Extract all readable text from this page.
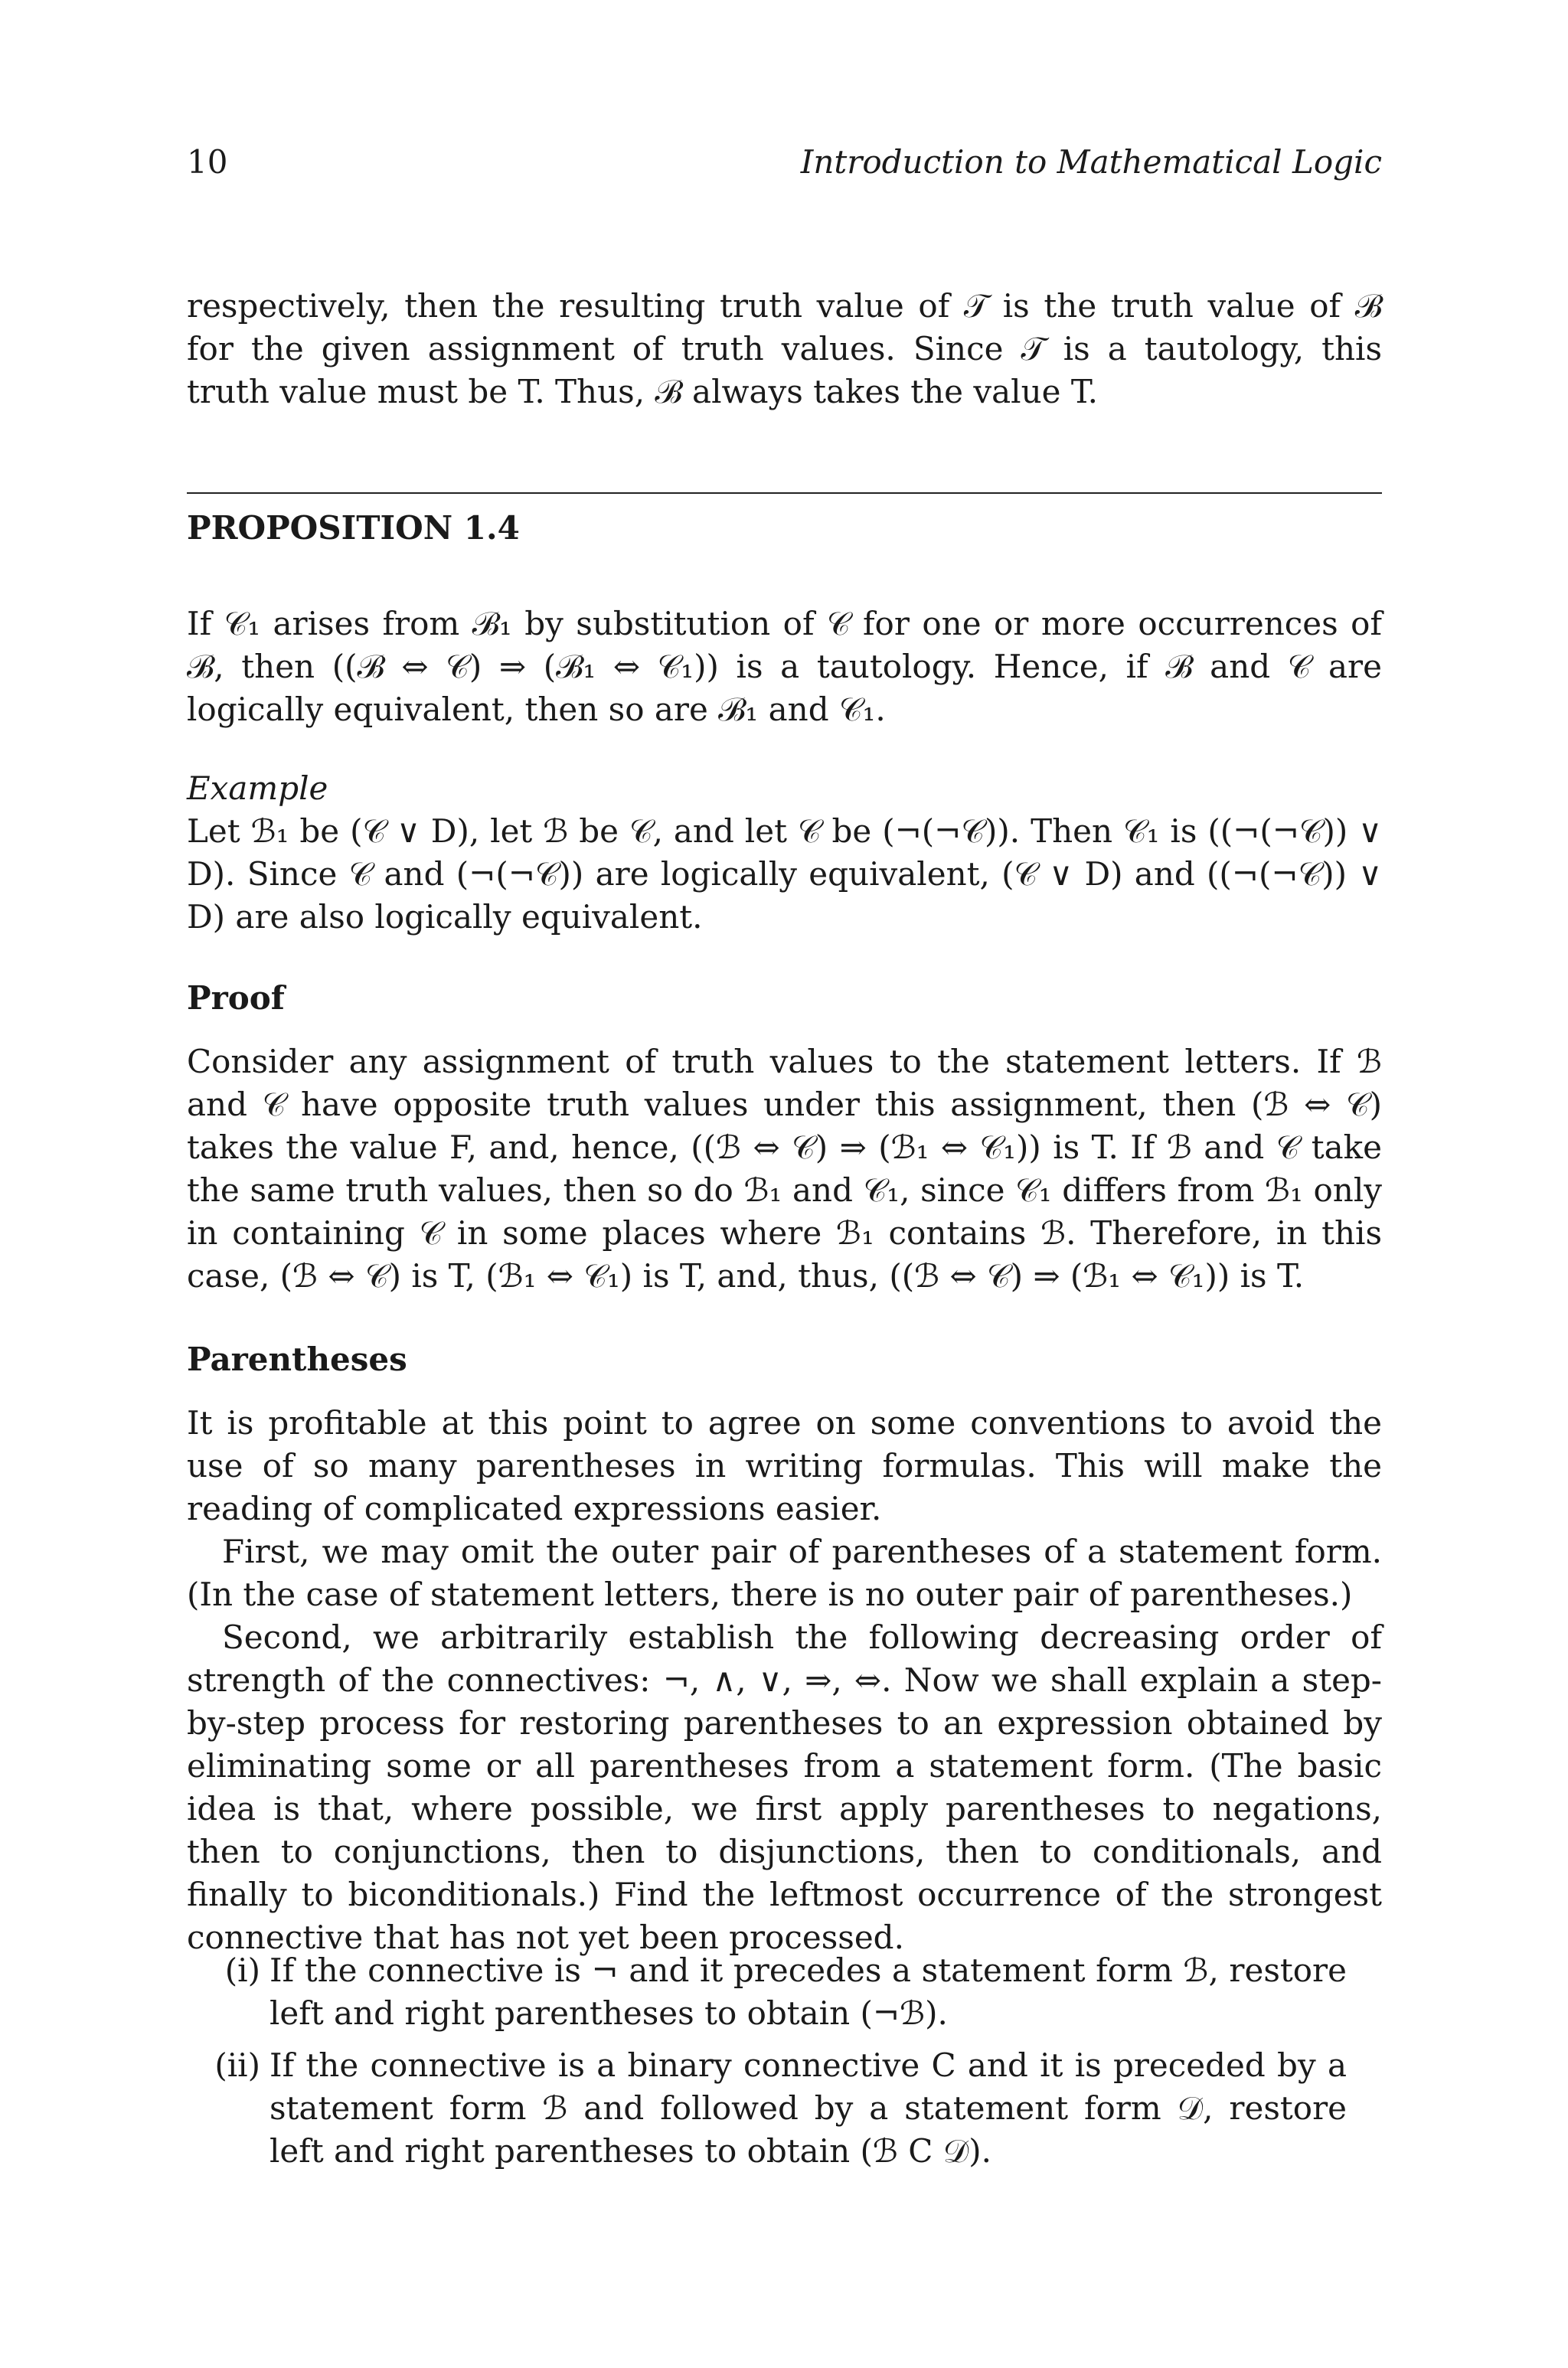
10	Introduction to Mathematical Logic

respectively, then the resulting truth value of 𝒯 is the truth value of ℬ for the given assignment of truth values. Since 𝒯 is a tautology, this truth value must be T. Thus, ℬ always takes the value T.

PROPOSITION 1.4

If 𝒞₁ arises from ℬ₁ by substitution of 𝒞 for one or more occurrences of ℬ, then ((ℬ ⇔ 𝒞) ⇒ (ℬ₁ ⇔ 𝒞₁)) is a tautology. Hence, if ℬ and 𝒞 are logically equivalent, then so are ℬ₁ and 𝒞₁.

Example

Let ℬ₁ be (𝒞 ∨ D), let ℬ be 𝒞, and let 𝒞 be (¬(¬𝒞)). Then 𝒞₁ is ((¬(¬𝒞)) ∨ D). Since 𝒞 and (¬(¬𝒞)) are logically equivalent, (𝒞 ∨ D) and ((¬(¬𝒞)) ∨ D) are also logically equivalent.

Proof

Consider any assignment of truth values to the statement letters. If ℬ and 𝒞 have opposite truth values under this assignment, then (ℬ ⇔ 𝒞) takes the value F, and, hence, ((ℬ ⇔ 𝒞) ⇒ (ℬ₁ ⇔ 𝒞₁)) is T. If ℬ and 𝒞 take the same truth values, then so do ℬ₁ and 𝒞₁, since 𝒞₁ differs from ℬ₁ only in containing 𝒞 in some places where ℬ₁ contains ℬ. Therefore, in this case, (ℬ ⇔ 𝒞) is T, (ℬ₁ ⇔ 𝒞₁) is T, and, thus, ((ℬ ⇔ 𝒞) ⇒ (ℬ₁ ⇔ 𝒞₁)) is T.

Parentheses

It is profitable at this point to agree on some conventions to avoid the use of so many parentheses in writing formulas. This will make the reading of complicated expressions easier.

First, we may omit the outer pair of parentheses of a statement form. (In the case of statement letters, there is no outer pair of parentheses.)

Second, we arbitrarily establish the following decreasing order of strength of the connectives: ¬, ∧, ∨, ⇒, ⇔. Now we shall explain a step-by-step process for restoring parentheses to an expression obtained by eliminating some or all parentheses from a statement form. (The basic idea is that, where possible, we first apply parentheses to negations, then to conjunctions, then to disjunctions, then to conditionals, and finally to biconditionals.) Find the leftmost occurrence of the strongest connective that has not yet been processed.

(i) If the connective is ¬ and it precedes a statement form ℬ, restore left and right parentheses to obtain (¬ℬ).
(ii) If the connective is a binary connective C and it is preceded by a statement form ℬ and followed by a statement form 𝒟, restore left and right parentheses to obtain (ℬ C 𝒟).
